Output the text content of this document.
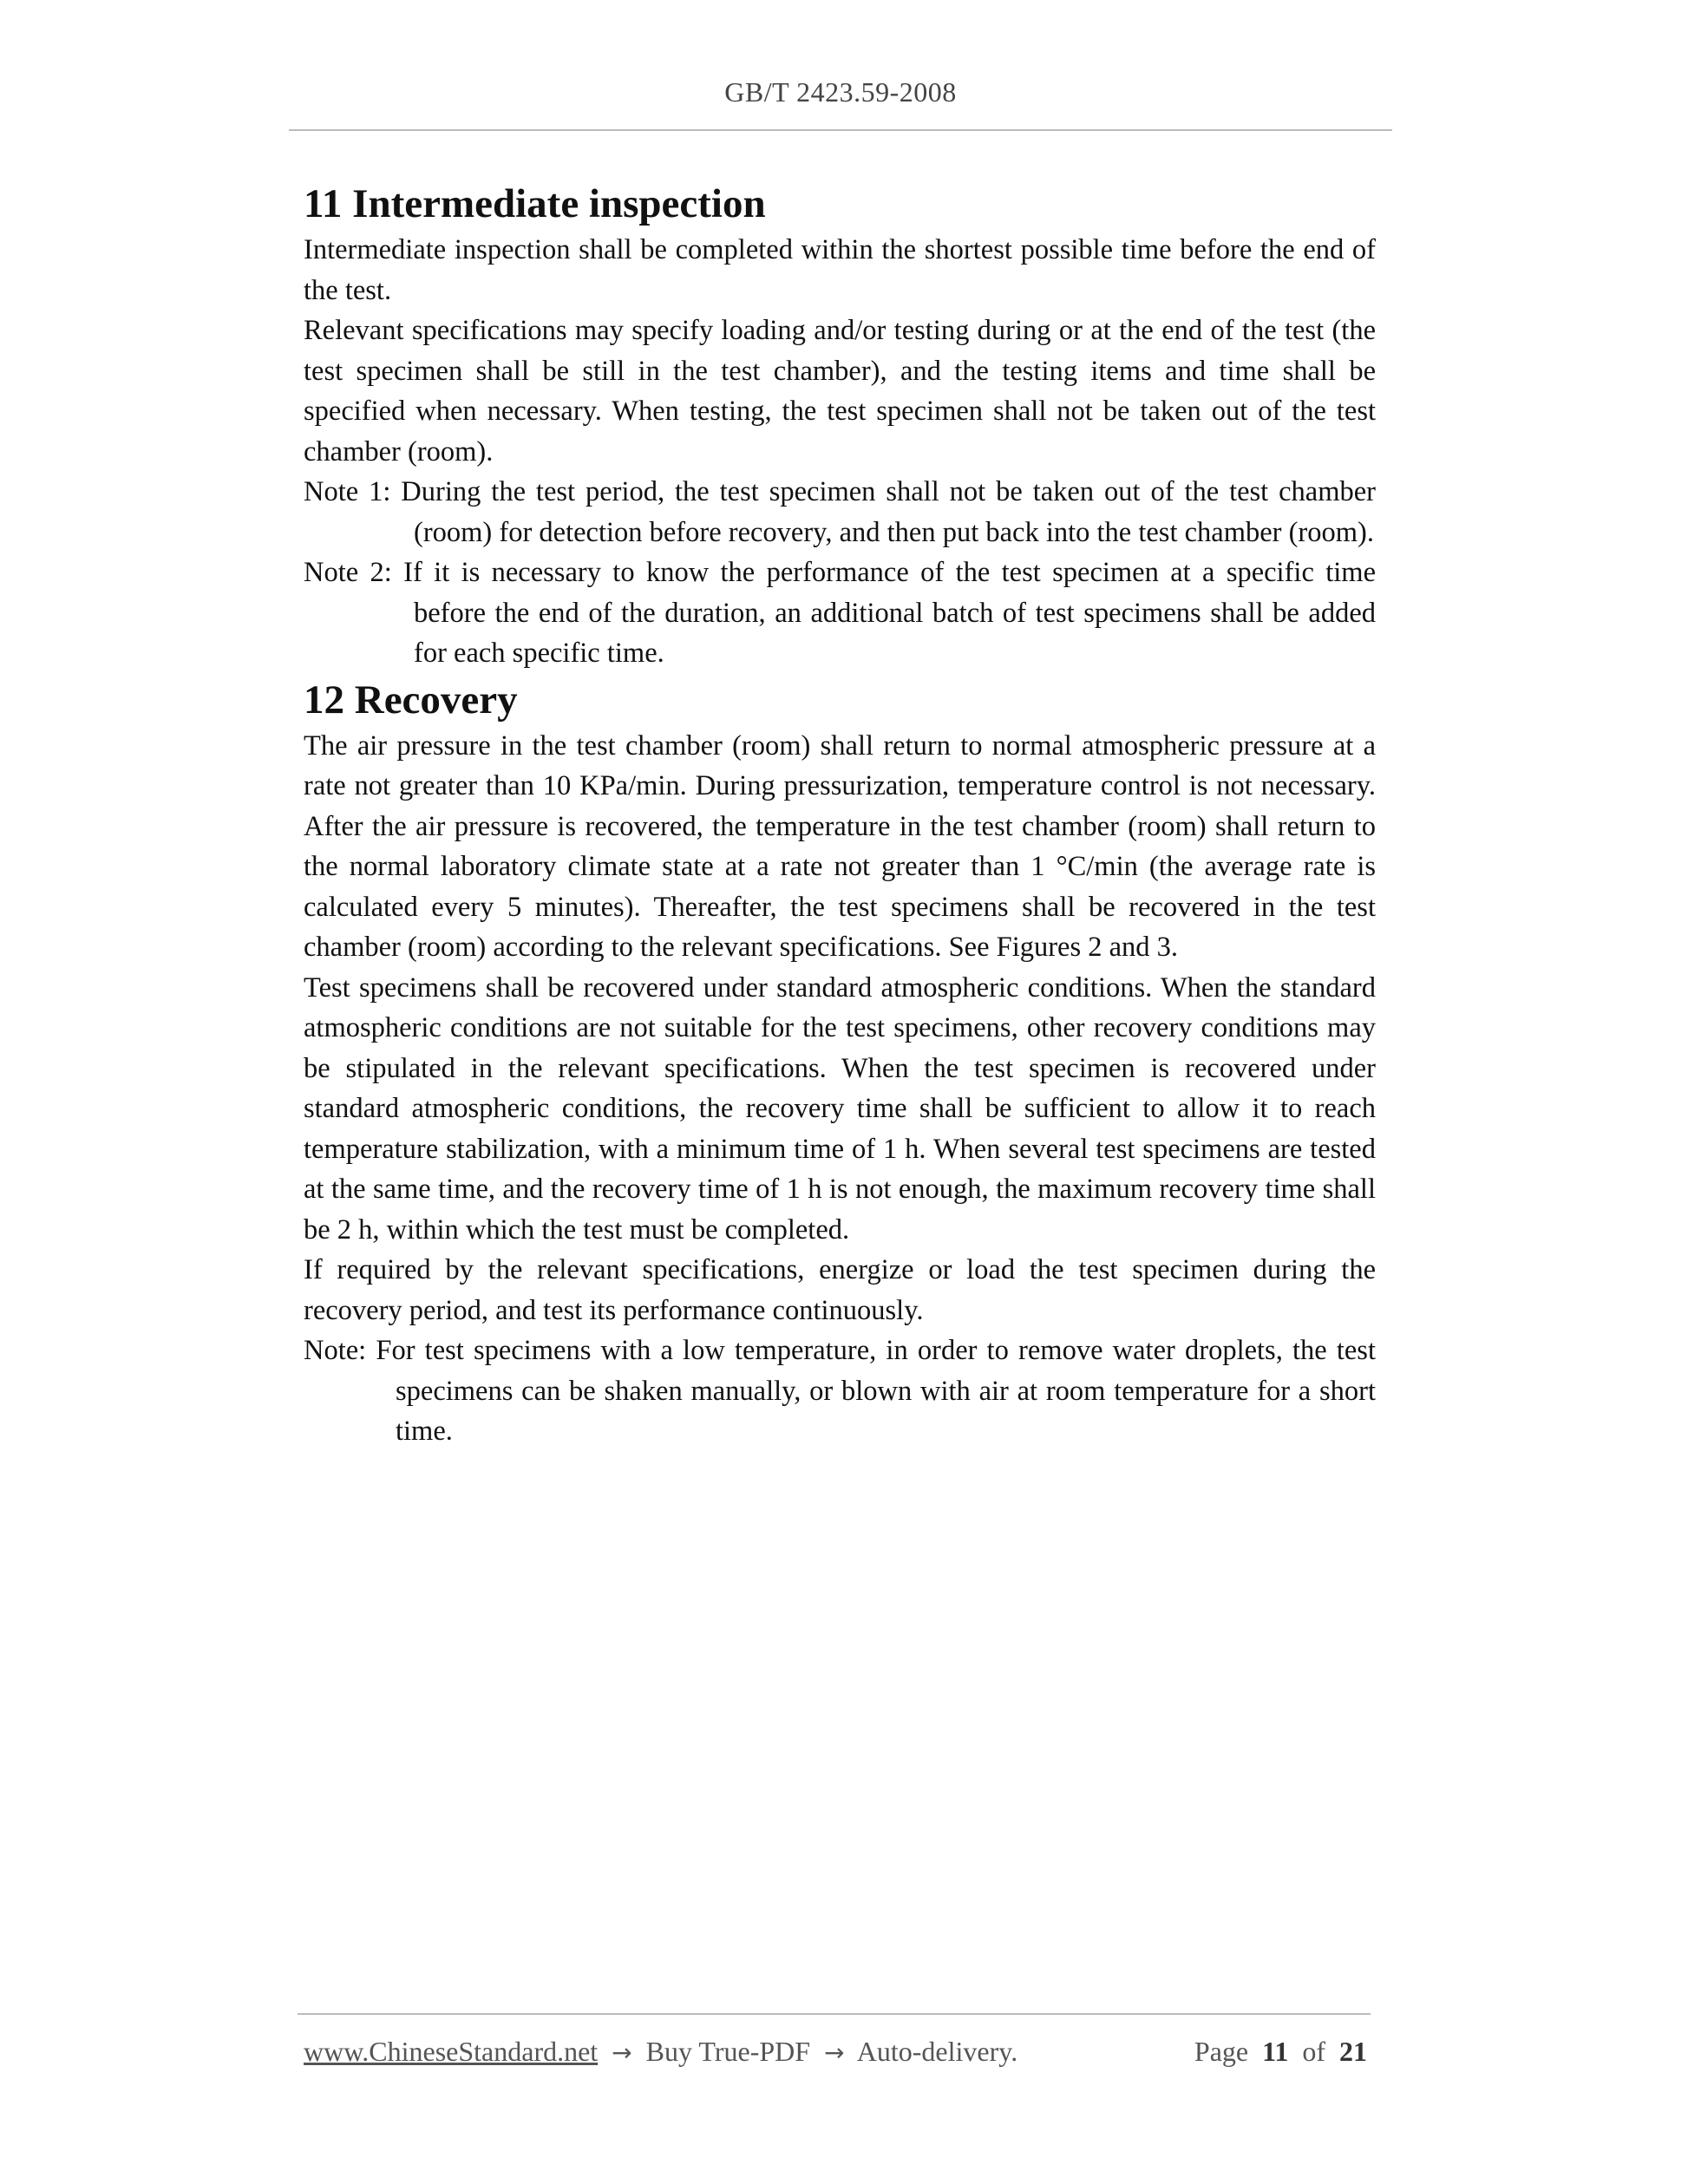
GB/T 2423.59-2008
11 Intermediate inspection

Intermediate inspection shall be completed within the shortest possible time before the end of the test.

Relevant specifications may specify loading and/or testing during or at the end of the test (the test specimen shall be still in the test chamber), and the testing items and time shall be specified when necessary. When testing, the test specimen shall not be taken out of the test chamber (room).

Note 1: During the test period, the test specimen shall not be taken out of the test chamber (room) for detection before recovery, and then put back into the test chamber (room).

Note 2: If it is necessary to know the performance of the test specimen at a specific time before the end of the duration, an additional batch of test specimens shall be added for each specific time.

12 Recovery

The air pressure in the test chamber (room) shall return to normal atmospheric pressure at a rate not greater than 10 KPa/min. During pressurization, temperature control is not necessary. After the air pressure is recovered, the temperature in the test chamber (room) shall return to the normal laboratory climate state at a rate not greater than 1 °C/min (the average rate is calculated every 5 minutes). Thereafter, the test specimens shall be recovered in the test chamber (room) according to the relevant specifications. See Figures 2 and 3.

Test specimens shall be recovered under standard atmospheric conditions. When the standard atmospheric conditions are not suitable for the test specimens, other recovery conditions may be stipulated in the relevant specifications. When the test specimen is recovered under standard atmospheric conditions, the recovery time shall be sufficient to allow it to reach temperature stabilization, with a minimum time of 1 h. When several test specimens are tested at the same time, and the recovery time of 1 h is not enough, the maximum recovery time shall be 2 h, within which the test must be completed.

If required by the relevant specifications, energize or load the test specimen during the recovery period, and test its performance continuously.

Note: For test specimens with a low temperature, in order to remove water droplets, the test specimens can be shaken manually, or blown with air at room temperature for a short time.

www.ChineseStandard.net → Buy True-PDF → Auto-delivery.	Page 11 of 21
